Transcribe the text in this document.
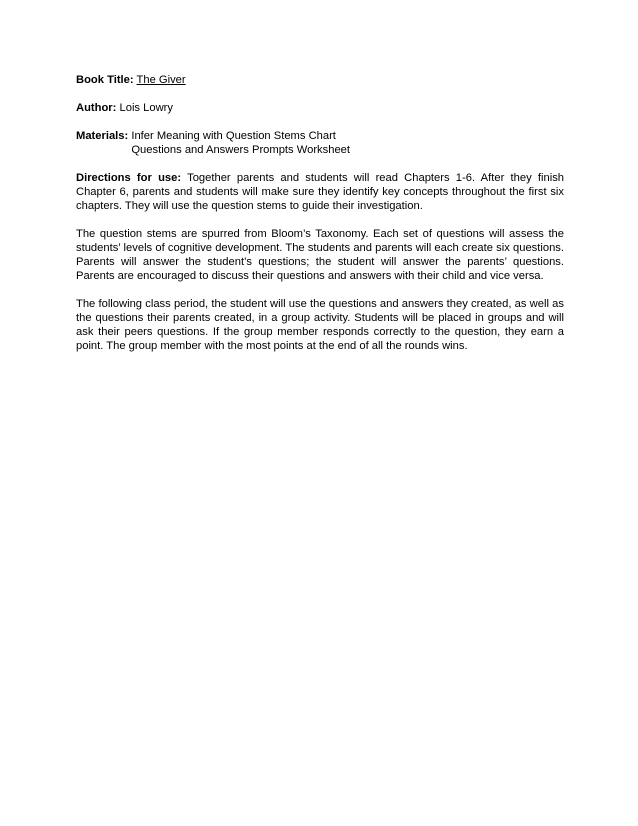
Book Title: The Giver

Author: Lois Lowry

Materials: Infer Meaning with Question Stems Chart
Questions and Answers Prompts Worksheet

Directions for use: Together parents and students will read Chapters 1-6. After they finish Chapter 6, parents and students will make sure they identify key concepts throughout the first six chapters. They will use the question stems to guide their investigation.

The question stems are spurred from Bloom’s Taxonomy. Each set of questions will assess the students’ levels of cognitive development. The students and parents will each create six questions. Parents will answer the student’s questions; the student will answer the parents’ questions. Parents are encouraged to discuss their questions and answers with their child and vice versa.

The following class period, the student will use the questions and answers they created, as well as the questions their parents created, in a group activity. Students will be placed in groups and will ask their peers questions. If the group member responds correctly to the question, they earn a point. The group member with the most points at the end of all the rounds wins.
